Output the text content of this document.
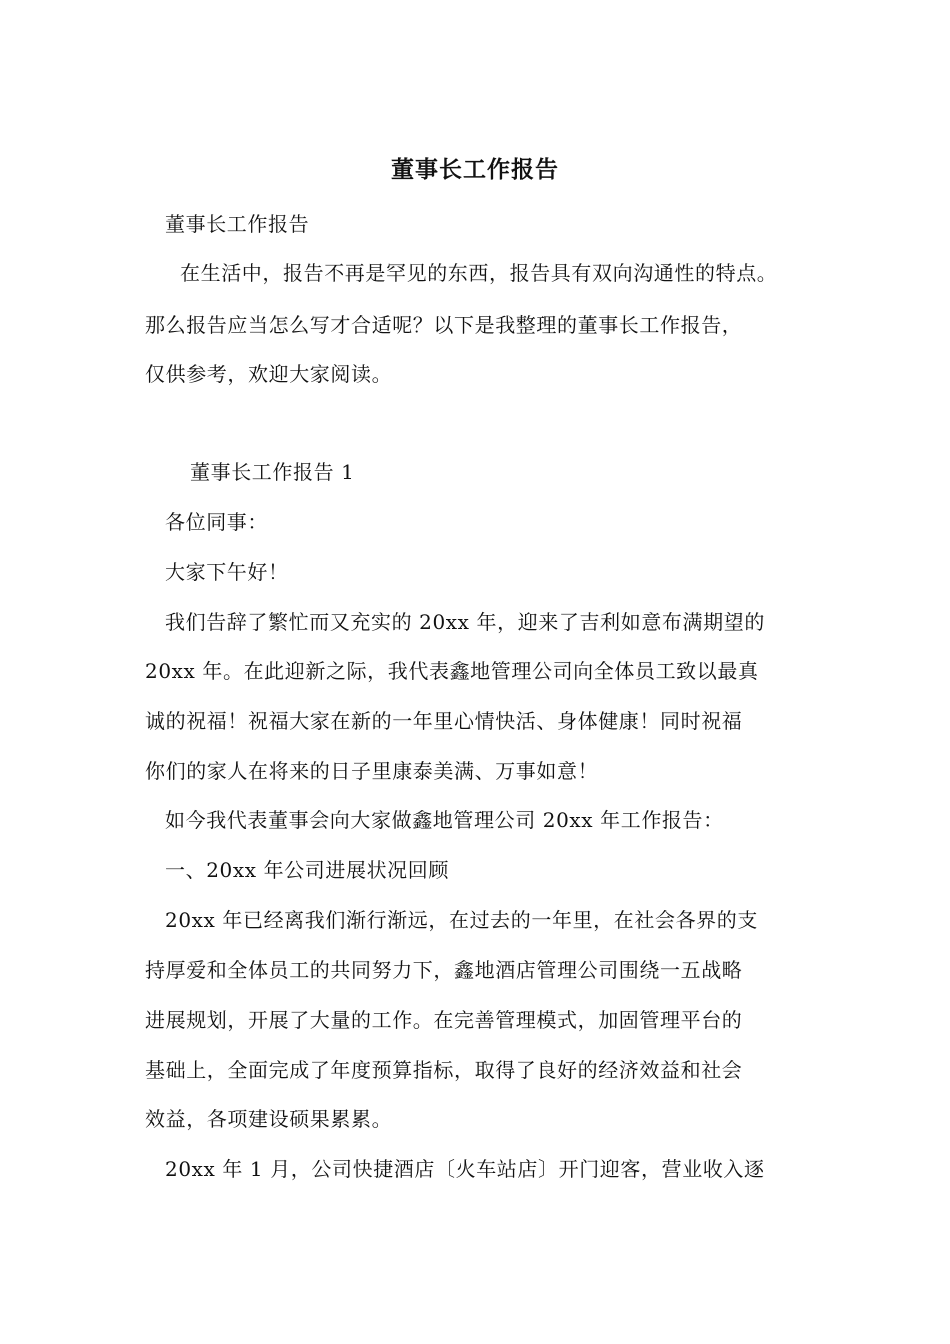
董事长工作报告
董事长工作报告
在生活中，报告不再是罕见的东西，报告具有双向沟通性的特点。
那么报告应当怎么写才合适呢？以下是我整理的董事长工作报告，
仅供参考，欢迎大家阅读。
董事长工作报告 1
各位同事：
大家下午好！
我们告辞了繁忙而又充实的 20xx 年，迎来了吉利如意布满期望的
20xx 年。在此迎新之际，我代表鑫地管理公司向全体员工致以最真
诚的祝福！祝福大家在新的一年里心情快活、身体健康！同时祝福
你们的家人在将来的日子里康泰美满、万事如意！
如今我代表董事会向大家做鑫地管理公司 20xx 年工作报告：
一、20xx 年公司进展状况回顾
20xx 年已经离我们渐行渐远，在过去的一年里，在社会各界的支
持厚爱和全体员工的共同努力下，鑫地酒店管理公司围绕一五战略
进展规划，开展了大量的工作。在完善管理模式，加固管理平台的
基础上，全面完成了年度预算指标，取得了良好的经济效益和社会
效益，各项建设硕果累累。
20xx 年 1 月，公司快捷酒店〔火车站店〕开门迎客，营业收入逐
